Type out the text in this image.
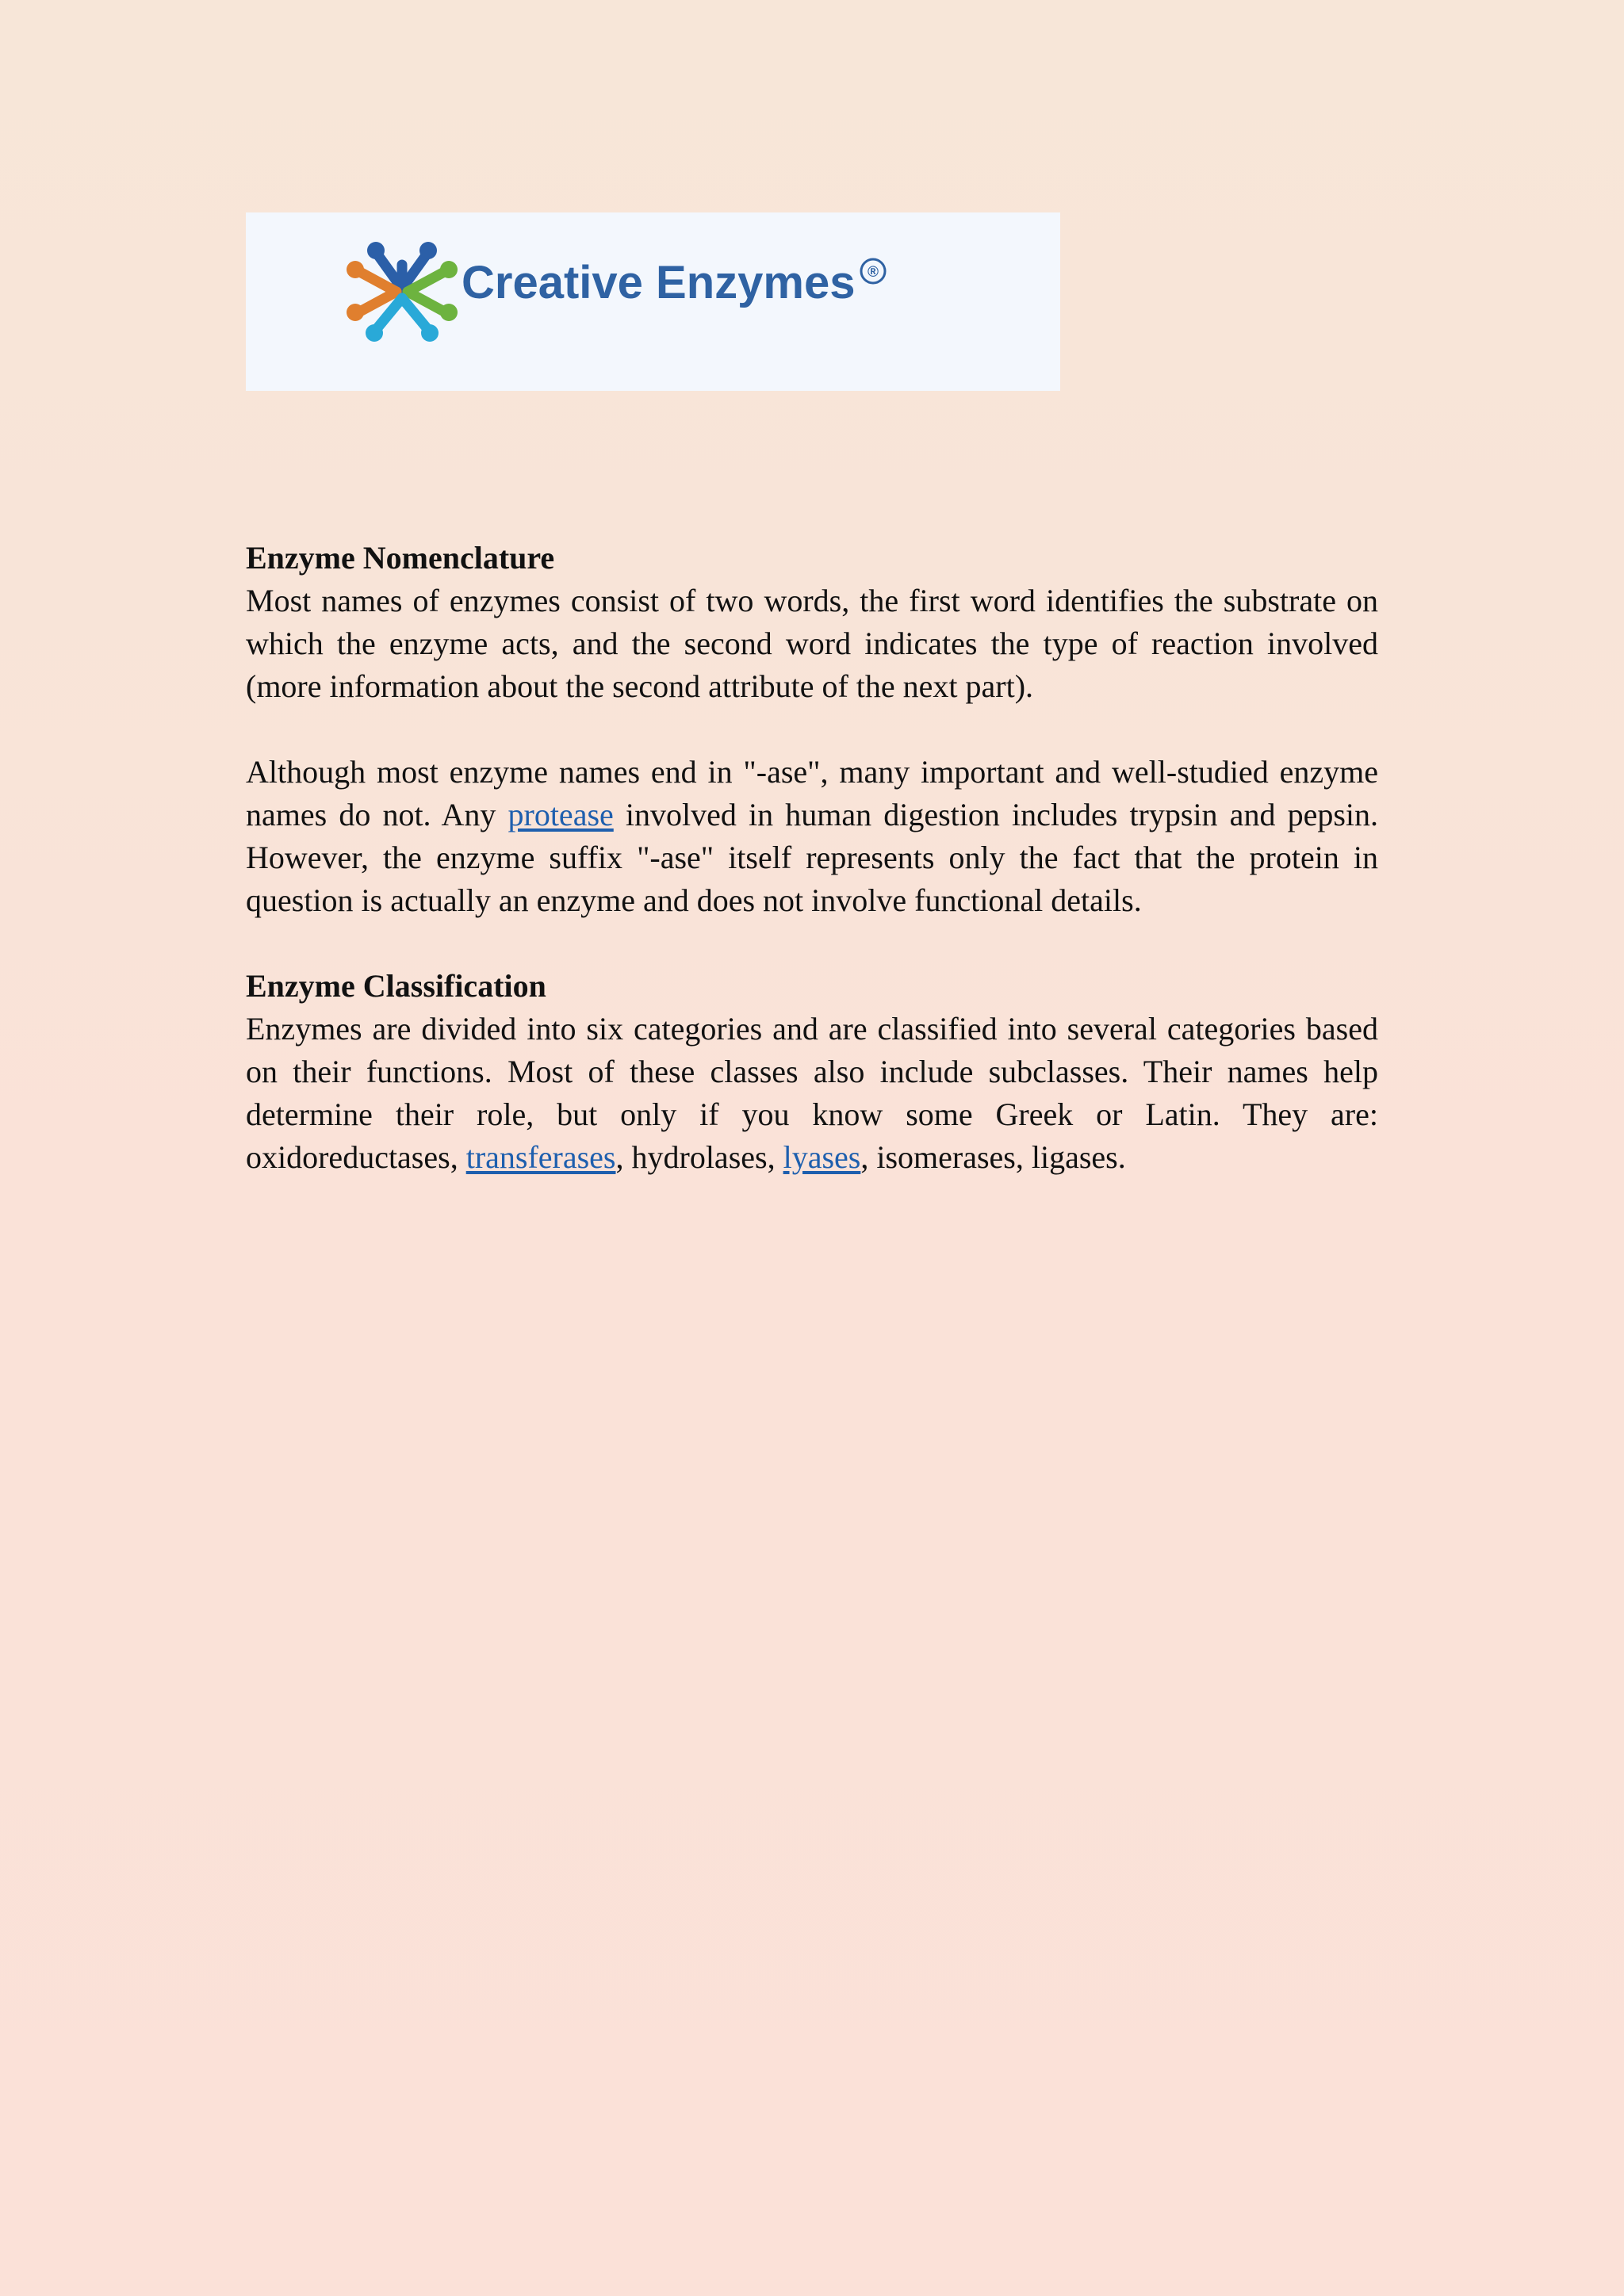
Creative Enzymes ®
Enzyme Nomenclature

Most names of enzymes consist of two words, the first word identifies the substrate on which the enzyme acts, and the second word indicates the type of reaction involved (more information about the second attribute of the next part).

Although most enzyme names end in "-ase", many important and well-studied enzyme names do not. Any protease involved in human digestion includes trypsin and pepsin. However, the enzyme suffix "-ase" itself represents only the fact that the protein in question is actually an enzyme and does not involve functional details.

Enzyme Classification

Enzymes are divided into six categories and are classified into several categories based on their functions. Most of these classes also include subclasses. Their names help determine their role, but only if you know some Greek or Latin. They are: oxidoreductases, transferases, hydrolases, lyases, isomerases, ligases.
